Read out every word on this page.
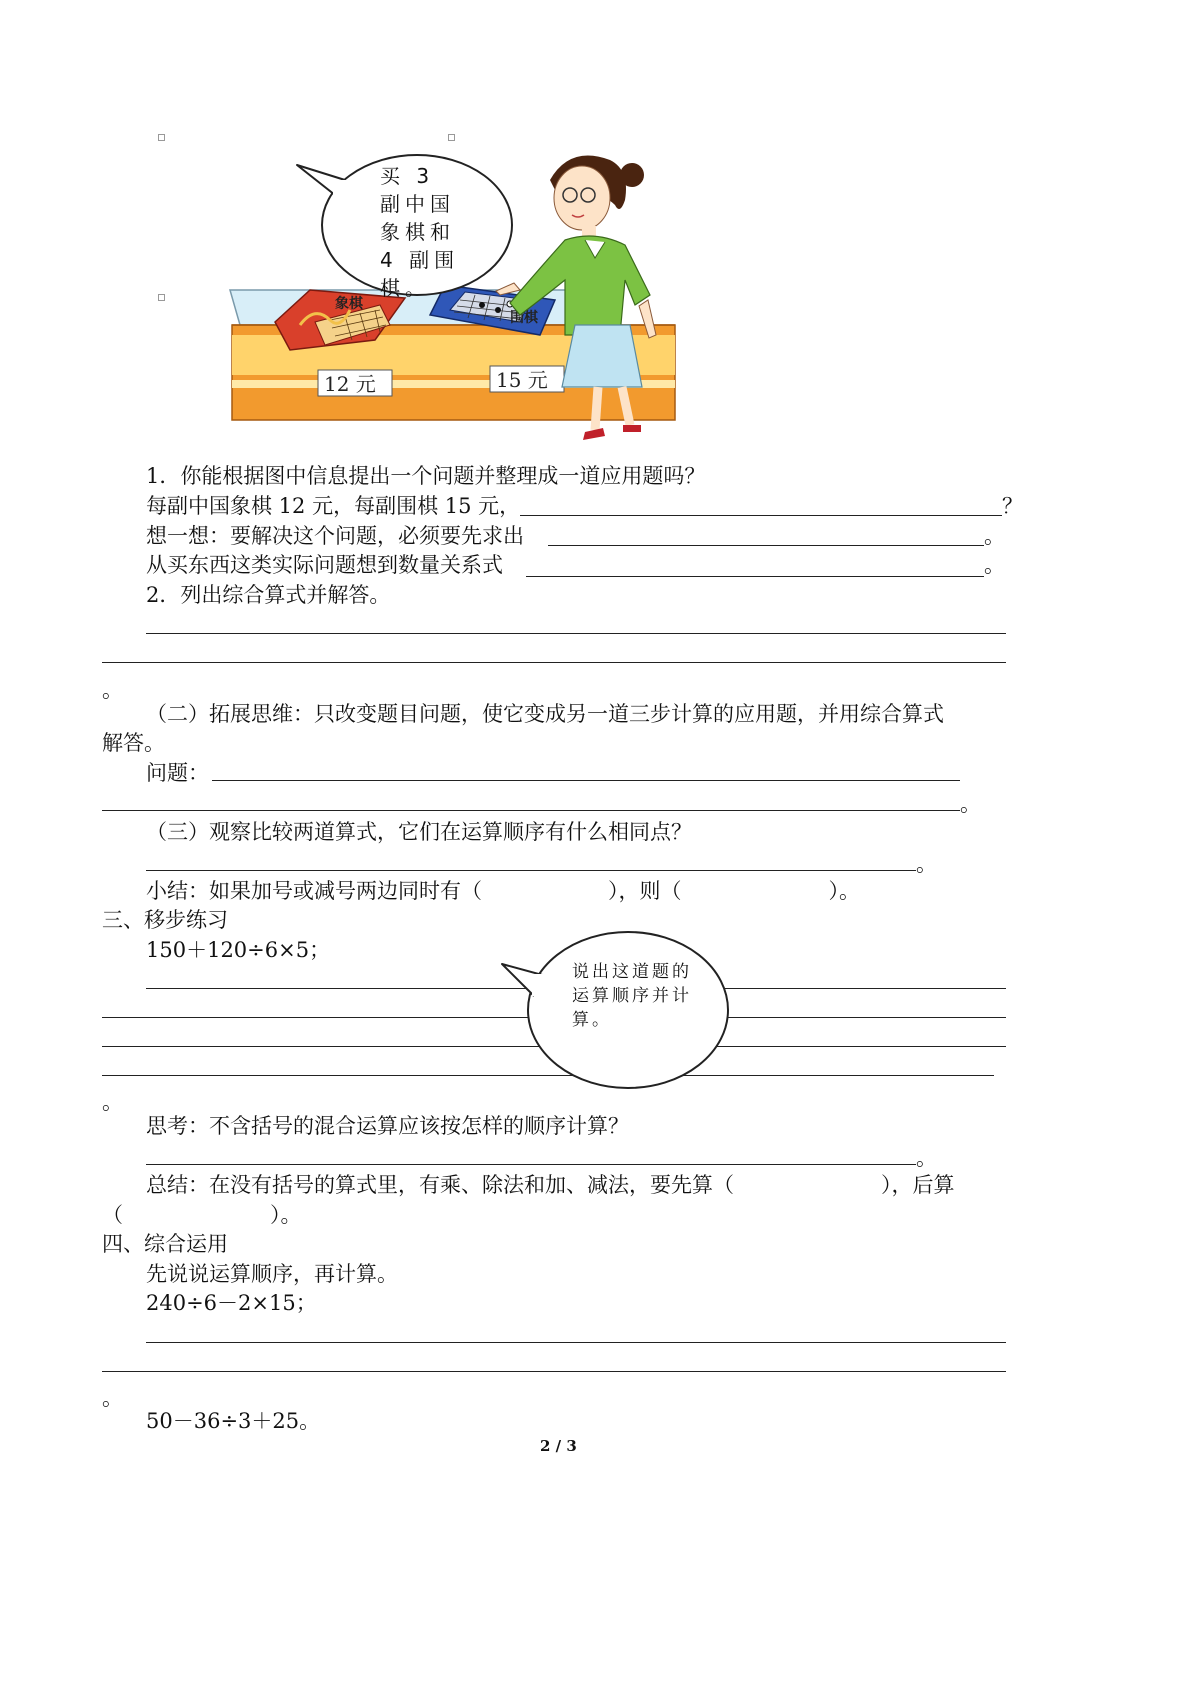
象棋
围棋
12 元	15 元
买 3 副中国象棋和 4 副围棋。
1．你能根据图中信息提出一个问题并整理成一道应用题吗？
每副中国象棋 12 元，每副围棋 15 元，	？
想一想：要解决这个问题，必须要先求出	。
从买东西这类实际问题想到数量关系式	。
2．列出综合算式并解答。
。
（二）拓展思维：只改变题目问题，使它变成另一道三步计算的应用题，并用综合算式
解答。
问题：
。
（三）观察比较两道算式，它们在运算顺序有什么相同点？
。
小结：如果加号或减号两边同时有（　　　　　　），则（　　　　　　　）。
三、移步练习
150＋120÷6×5；
说出这道题的运算顺序并计算。
。
思考：不含括号的混合运算应该按怎样的顺序计算？
。
总结：在没有括号的算式里，有乘、除法和加、减法，要先算（　　　　　　　），后算
（　　　　　　　）。
四、综合运用
先说说运算顺序，再计算。
240÷6－2×15；
。
50－36÷3＋25。
2 / 3
